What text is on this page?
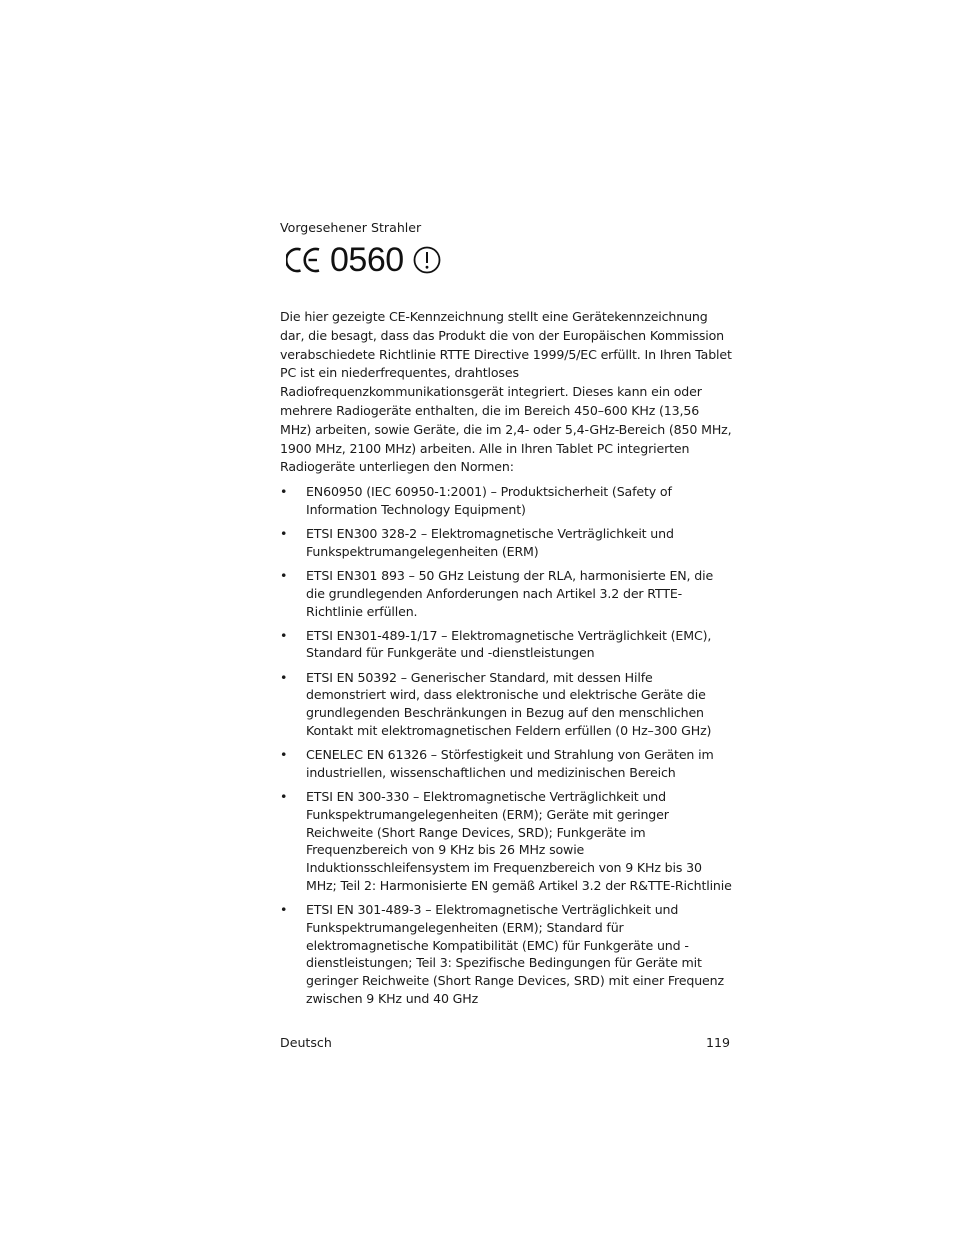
Vorgesehener Strahler

0560

Die hier gezeigte CE-Kennzeichnung stellt eine Gerätekennzeichnung dar, die besagt, dass das Produkt die von der Europäischen Kommission verabschiedete Richtlinie RTTE Directive 1999/5/EC erfüllt. In Ihren Tablet PC ist ein niederfrequentes, drahtloses Radiofrequenzkommunikationsgerät integriert. Dieses kann ein oder mehrere Radiogeräte enthalten, die im Bereich 450–600 KHz (13,56 MHz) arbeiten, sowie Geräte, die im 2,4- oder 5,4-GHz-Bereich (850 MHz, 1900 MHz, 2100 MHz) arbeiten. Alle in Ihren Tablet PC integrierten Radiogeräte unterliegen den Normen:

• EN60950 (IEC 60950-1:2001) – Produktsicherheit (Safety of Information Technology Equipment)
• ETSI EN300 328-2 – Elektromagnetische Verträglichkeit und Funkspektrumangelegenheiten (ERM)
• ETSI EN301 893 – 50 GHz Leistung der RLA, harmonisierte EN, die die grundlegenden Anforderungen nach Artikel 3.2 der RTTE-Richtlinie erfüllen.
• ETSI EN301-489-1/17 – Elektromagnetische Verträglichkeit (EMC), Standard für Funkgeräte und -dienstleistungen
• ETSI EN 50392 – Generischer Standard, mit dessen Hilfe demonstriert wird, dass elektronische und elektrische Geräte die grundlegenden Beschränkungen in Bezug auf den menschlichen Kontakt mit elektromagnetischen Feldern erfüllen (0 Hz–300 GHz)
• CENELEC EN 61326 – Störfestigkeit und Strahlung von Geräten im industriellen, wissenschaftlichen und medizinischen Bereich
• ETSI EN 300-330 – Elektromagnetische Verträglichkeit und Funkspektrumangelegenheiten (ERM); Geräte mit geringer Reichweite (Short Range Devices, SRD); Funkgeräte im Frequenzbereich von 9 KHz bis 26 MHz sowie Induktionsschleifensystem im Frequenzbereich von 9 KHz bis 30 MHz; Teil 2: Harmonisierte EN gemäß Artikel 3.2 der R&TTE-Richtlinie
• ETSI EN 301-489-3 – Elektromagnetische Verträglichkeit und Funkspektrumangelegenheiten (ERM); Standard für elektromagnetische Kompatibilität (EMC) für Funkgeräte und -dienstleistungen; Teil 3: Spezifische Bedingungen für Geräte mit geringer Reichweite (Short Range Devices, SRD) mit einer Frequenz zwischen 9 KHz und 40 GHz
Deutsch	119
